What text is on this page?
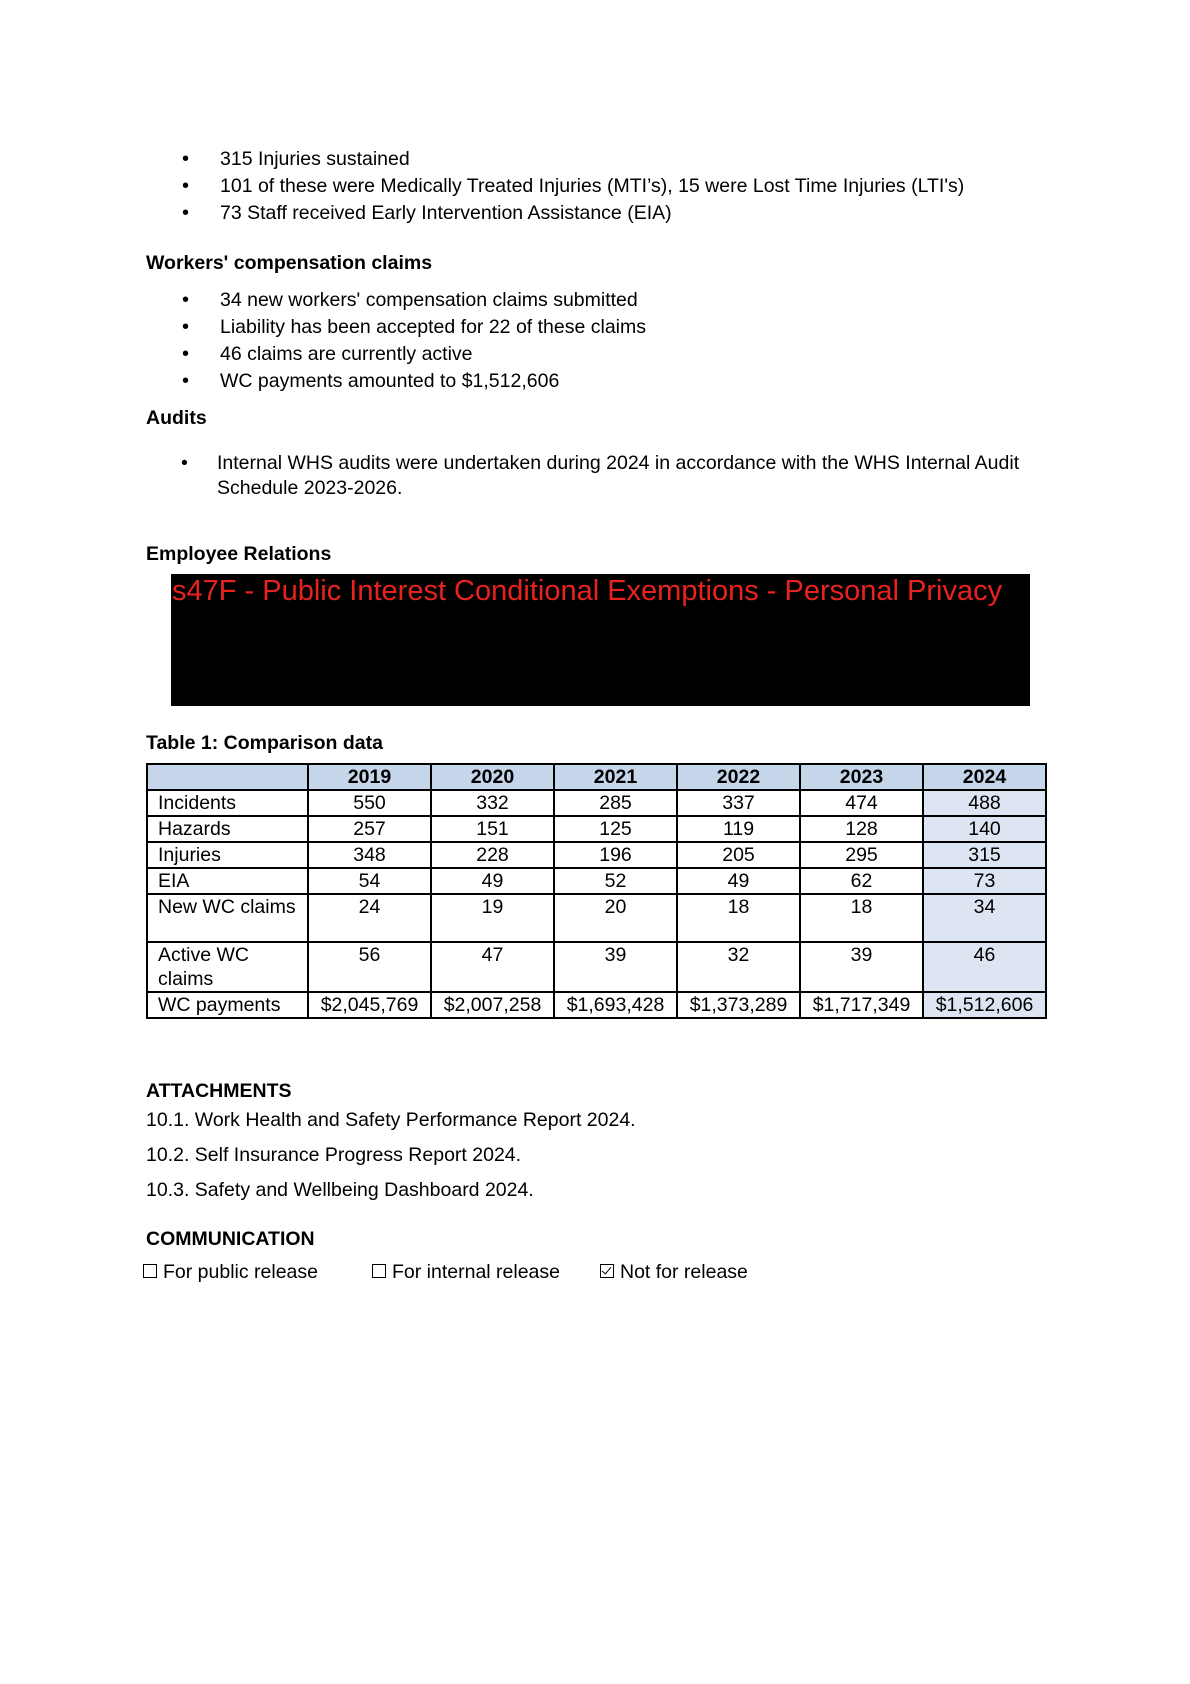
• 315 Injuries sustained
• 101 of these were Medically Treated Injuries (MTI’s), 15 were Lost Time Injuries (LTI's)
• 73 Staff received Early Intervention Assistance (EIA)
Workers' compensation claims
• 34 new workers' compensation claims submitted
• Liability has been accepted for 22 of these claims
• 46 claims are currently active
• WC payments amounted to $1,512,606
Audits
• Internal WHS audits were undertaken during 2024 in accordance with the WHS Internal Audit Schedule 2023-2026.
Employee Relations
s47F - Public Interest Conditional Exemptions - Personal Privacy
Table 1: Comparison data
	2019	2020	2021	2022	2023	2024
Incidents	550	332	285	337	474	488
Hazards	257	151	125	119	128	140
Injuries	348	228	196	205	295	315
EIA	54	49	52	49	62	73
New WC claims	24	19	20	18	18	34
Active WC claims	56	47	39	32	39	46
WC payments	$2,045,769	$2,007,258	$1,693,428	$1,373,289	$1,717,349	$1,512,606
ATTACHMENTS
10.1. Work Health and Safety Performance Report 2024.
10.2. Self Insurance Progress Report 2024.
10.3. Safety and Wellbeing Dashboard 2024.
COMMUNICATION
For public release	For internal release	Not for release
